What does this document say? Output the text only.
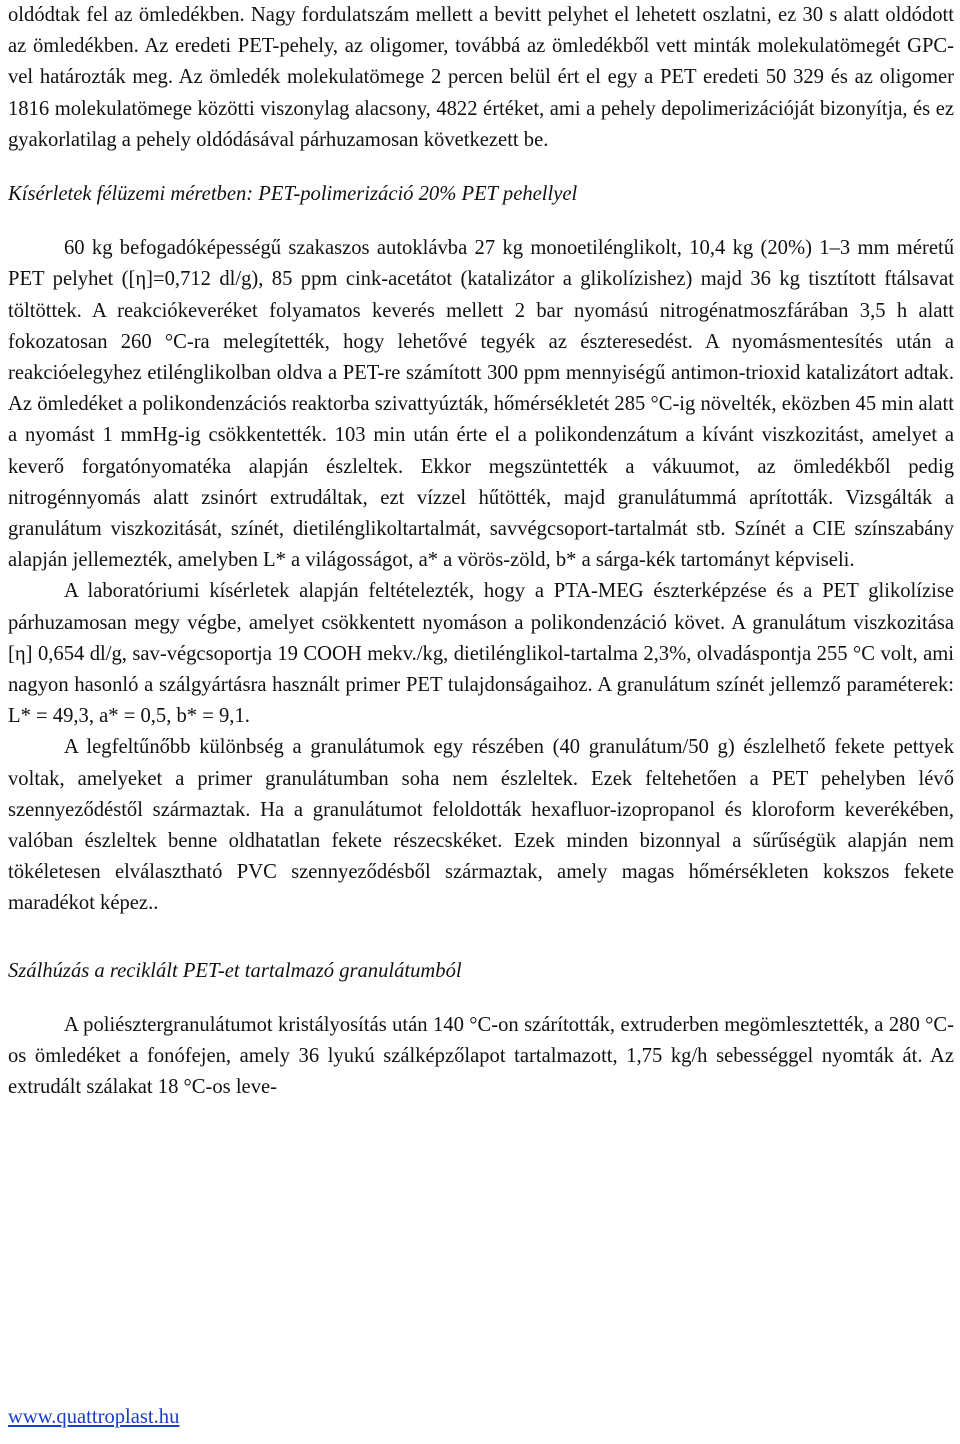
oldódtak fel az ömledékben. Nagy fordulatszám mellett a bevitt pelyhet el lehetett oszlatni, ez 30 s alatt oldódott az ömledékben. Az eredeti PET-pehely, az oligomer, továbbá az ömledékből vett minták molekulatömegét GPC-vel határozták meg. Az ömledék molekulatömege 2 percen belül ért el egy a PET eredeti 50 329 és az oligomer 1816 molekulatömege közötti viszonylag alacsony, 4822 értéket, ami a pehely depolimerizációját bizonyítja, és ez gyakorlatilag a pehely oldódásával párhuzamosan következett be.

Kísérletek félüzemi méretben: PET-polimerizáció 20% PET pehellyel

60 kg befogadóképességű szakaszos autoklávba 27 kg monoetilénglikolt, 10,4 kg (20%) 1–3 mm méretű PET pelyhet ([η]=0,712 dl/g), 85 ppm cink-acetátot (katalizátor a glikolízishez) majd 36 kg tisztított ftálsavat töltöttek. A reakciókeveréket folyamatos keverés mellett 2 bar nyomású nitrogénatmoszfárában 3,5 h alatt fokozatosan 260 °C-ra melegítették, hogy lehetővé tegyék az észteresedést. A nyomásmentesítés után a reakcióelegyhez etilénglikolban oldva a PET-re számított 300 ppm mennyiségű antimon-trioxid katalizátort adtak. Az ömledéket a polikondenzációs reaktorba szivattyúzták, hőmérsékletét 285 °C-ig növelték, eközben 45 min alatt a nyomást 1 mmHg-ig csökkentették. 103 min után érte el a polikondenzátum a kívánt viszkozitást, amelyet a keverő forgatónyomatéka alapján észleltek. Ekkor megszüntették a vákuumot, az ömledékből pedig nitrogénnyomás alatt zsinórt extrudáltak, ezt vízzel hűtötték, majd granulátummá aprították. Vizsgálták a granulátum viszkozitását, színét, dietilénglikoltartalmát, savvégcsoport-tartalmát stb. Színét a CIE színszabány alapján jellemezték, amelyben L* a világosságot, a* a vörös-zöld, b* a sárga-kék tartományt képviseli.

A laboratóriumi kísérletek alapján feltételezték, hogy a PTA-MEG észterképzése és a PET glikolízise párhuzamosan megy végbe, amelyet csökkentett nyomáson a polikondenzáció követ. A granulátum viszkozitása [η] 0,654 dl/g, sav-végcsoportja 19 COOH mekv./kg, dietilénglikol-tartalma 2,3%, olvadáspontja 255 °C volt, ami nagyon hasonló a szálgyártásra használt primer PET tulajdonságaihoz. A granulátum színét jellemző paraméterek: L* = 49,3, a* = 0,5, b* = 9,1.

A legfeltűnőbb különbség a granulátumok egy részében (40 granulátum/50 g) észlelhető fekete pettyek voltak, amelyeket a primer granulátumban soha nem észleltek. Ezek feltehetően a PET pehelyben lévő szennyeződéstől származtak. Ha a granulátumot feloldották hexafluor-izopropanol és kloroform keverékében, valóban észleltek benne oldhatatlan fekete részecskéket. Ezek minden bizonnyal a sűrűségük alapján nem tökéletesen elválasztható PVC szennyeződésből származtak, amely magas hőmérsékleten kokszos fekete maradékot képez..

Szálhúzás a reciklált PET-et tartalmazó granulátumból

A poliésztergranulátumot kristályosítás után 140 °C-on szárították, extruderben megömlesztették, a 280 °C-os ömledéket a fonófejen, amely 36 lyukú szálképzőlapot tartalmazott, 1,75 kg/h sebességgel nyomták át. Az extrudált szálakat 18 °C-os leve-

www.quattroplast.hu
